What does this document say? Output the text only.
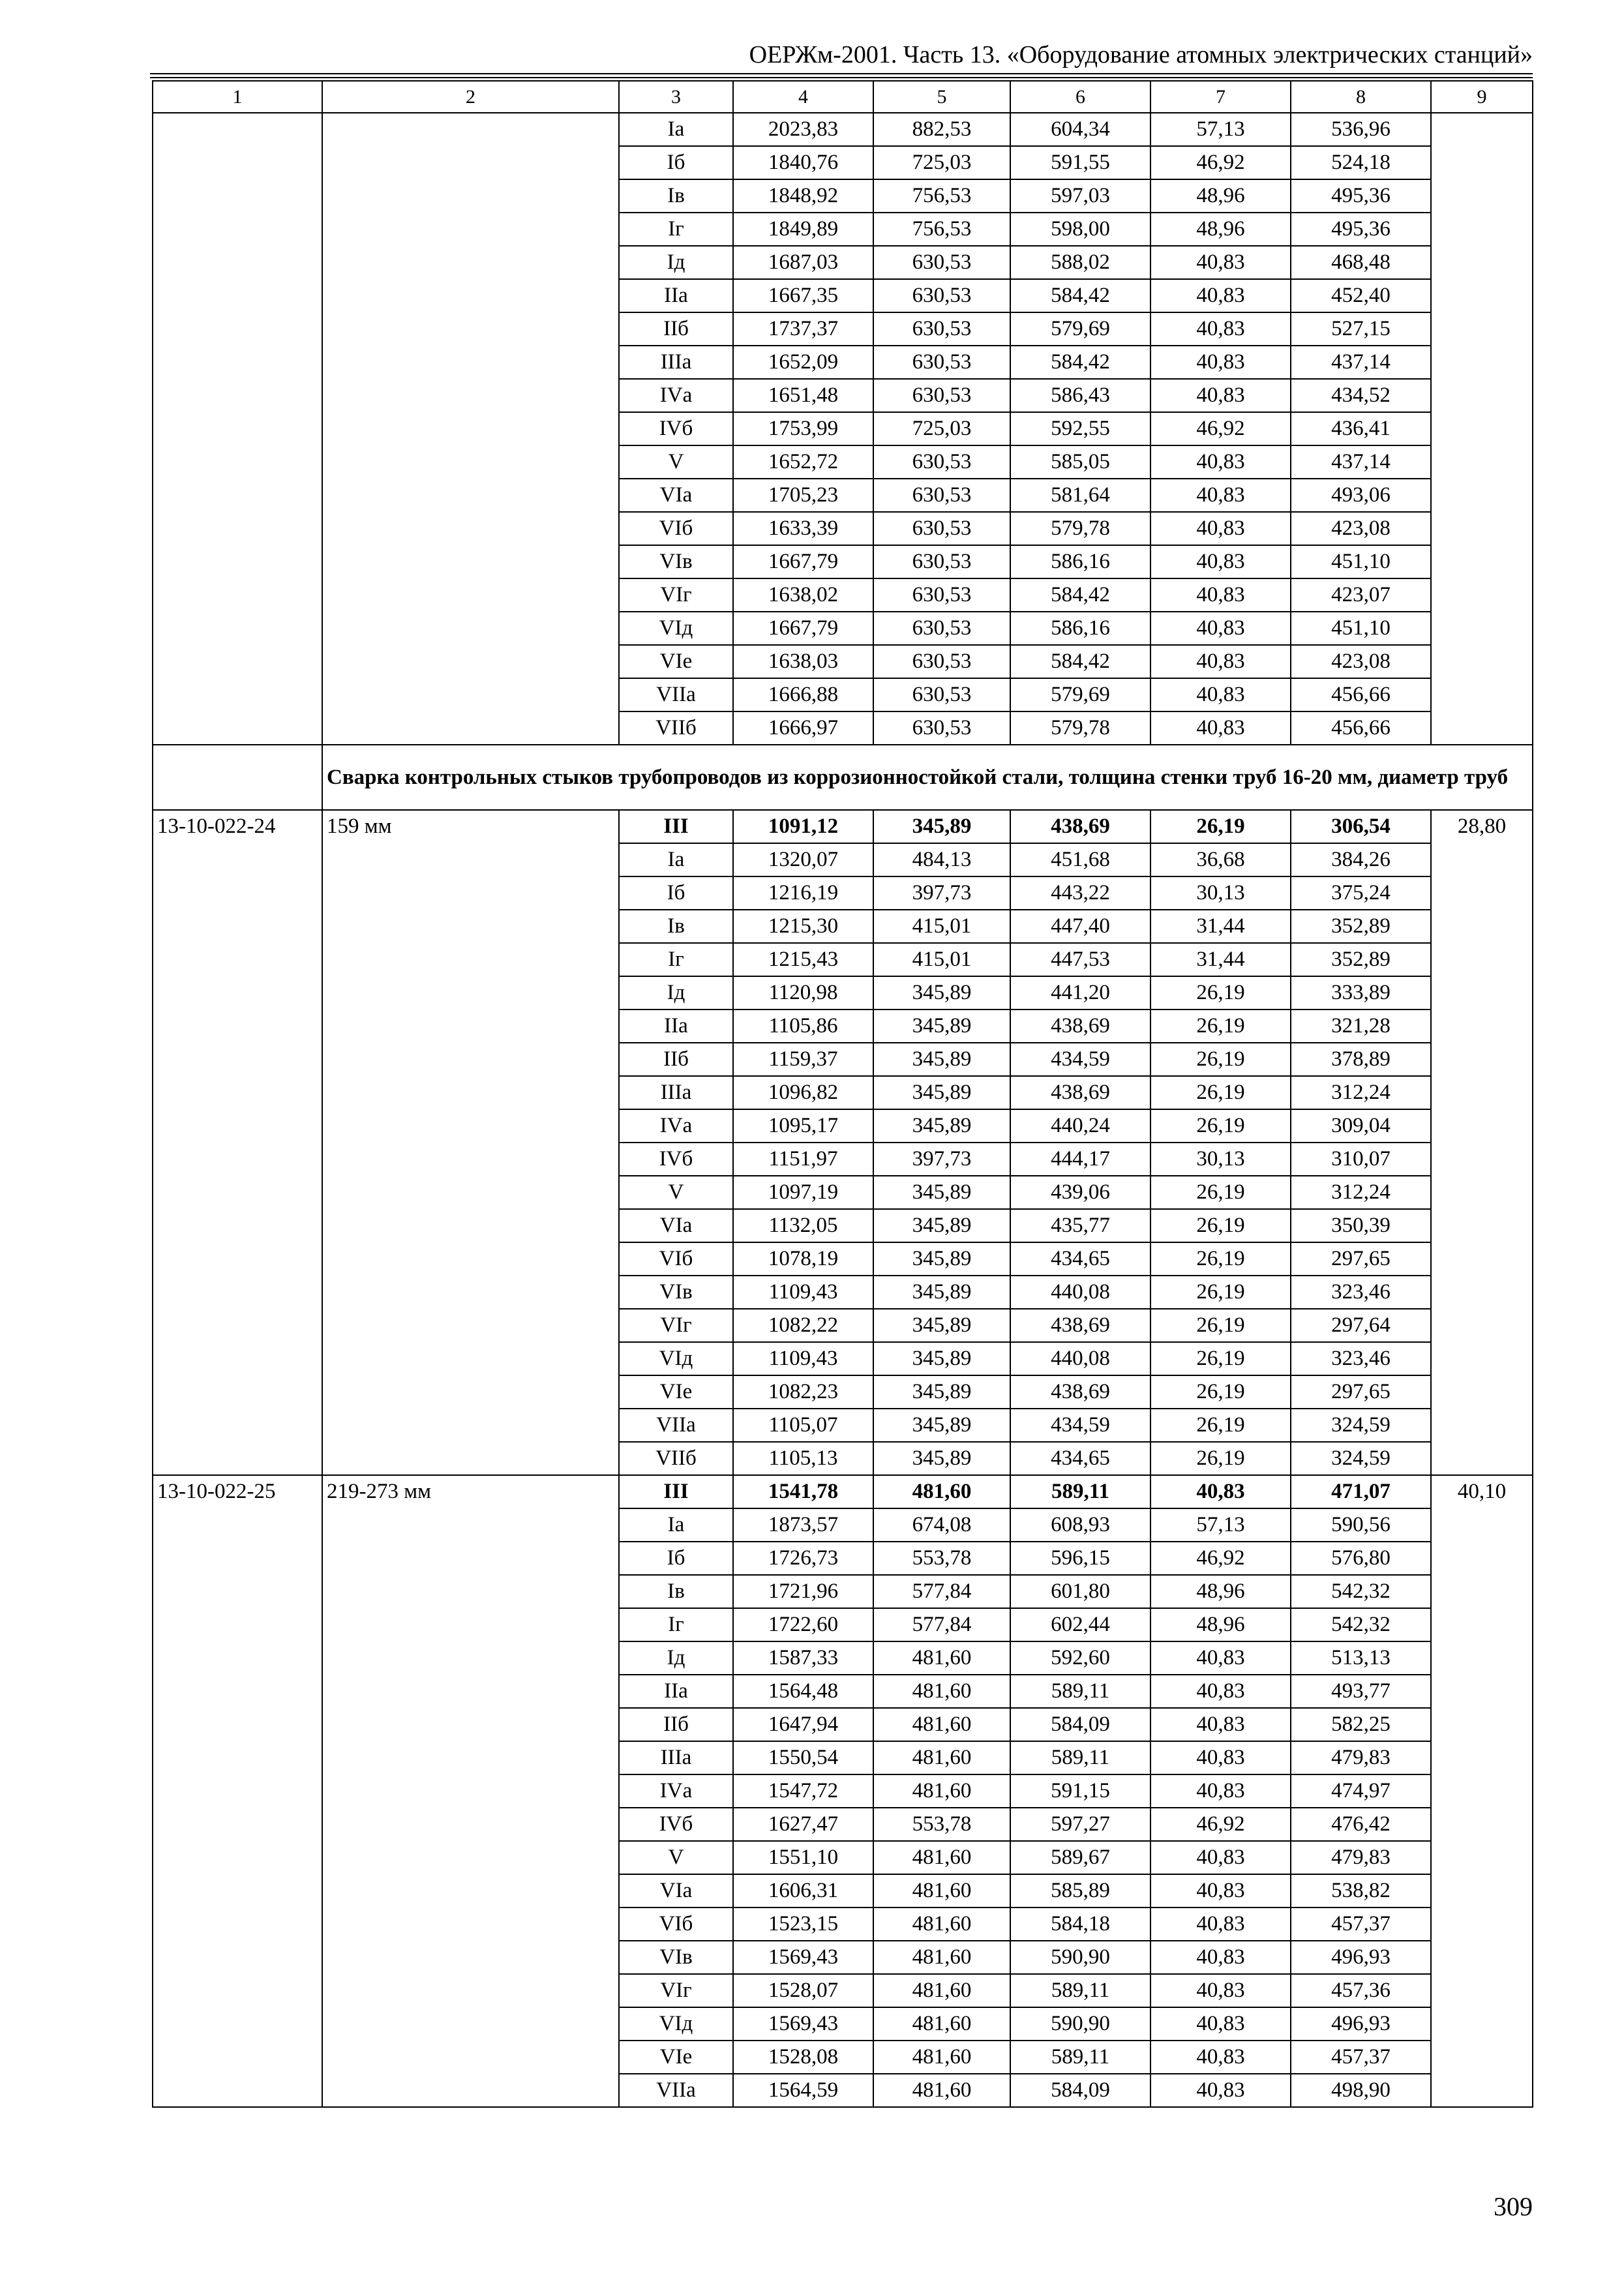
ОЕРЖм-2001. Часть 13. «Оборудование атомных электрических станций»
1	2	3	4	5	6	7	8	9
		Iа	2023,83	882,53	604,34	57,13	536,96	
		Iб	1840,76	725,03	591,55	46,92	524,18	
		Iв	1848,92	756,53	597,03	48,96	495,36	
		Iг	1849,89	756,53	598,00	48,96	495,36	
		Iд	1687,03	630,53	588,02	40,83	468,48	
		IIа	1667,35	630,53	584,42	40,83	452,40	
		IIб	1737,37	630,53	579,69	40,83	527,15	
		IIIа	1652,09	630,53	584,42	40,83	437,14	
		IVа	1651,48	630,53	586,43	40,83	434,52	
		IVб	1753,99	725,03	592,55	46,92	436,41	
		V	1652,72	630,53	585,05	40,83	437,14	
		VIа	1705,23	630,53	581,64	40,83	493,06	
		VIб	1633,39	630,53	579,78	40,83	423,08	
		VIв	1667,79	630,53	586,16	40,83	451,10	
		VIг	1638,02	630,53	584,42	40,83	423,07	
		VIд	1667,79	630,53	586,16	40,83	451,10	
		VIе	1638,03	630,53	584,42	40,83	423,08	
		VIIа	1666,88	630,53	579,69	40,83	456,66	
		VIIб	1666,97	630,53	579,78	40,83	456,66	
	Сварка контрольных стыков трубопроводов из коррозионностойкой стали, толщина стенки труб 16-20 мм, диаметр труб							
13-10-022-24	159 мм	III	1091,12	345,89	438,69	26,19	306,54	28,80
		Iа	1320,07	484,13	451,68	36,68	384,26	
		Iб	1216,19	397,73	443,22	30,13	375,24	
		Iв	1215,30	415,01	447,40	31,44	352,89	
		Iг	1215,43	415,01	447,53	31,44	352,89	
		Iд	1120,98	345,89	441,20	26,19	333,89	
		IIа	1105,86	345,89	438,69	26,19	321,28	
		IIб	1159,37	345,89	434,59	26,19	378,89	
		IIIа	1096,82	345,89	438,69	26,19	312,24	
		IVа	1095,17	345,89	440,24	26,19	309,04	
		IVб	1151,97	397,73	444,17	30,13	310,07	
		V	1097,19	345,89	439,06	26,19	312,24	
		VIа	1132,05	345,89	435,77	26,19	350,39	
		VIб	1078,19	345,89	434,65	26,19	297,65	
		VIв	1109,43	345,89	440,08	26,19	323,46	
		VIг	1082,22	345,89	438,69	26,19	297,64	
		VIд	1109,43	345,89	440,08	26,19	323,46	
		VIе	1082,23	345,89	438,69	26,19	297,65	
		VIIа	1105,07	345,89	434,59	26,19	324,59	
		VIIб	1105,13	345,89	434,65	26,19	324,59	
13-10-022-25	219-273 мм	III	1541,78	481,60	589,11	40,83	471,07	40,10
		Iа	1873,57	674,08	608,93	57,13	590,56	
		Iб	1726,73	553,78	596,15	46,92	576,80	
		Iв	1721,96	577,84	601,80	48,96	542,32	
		Iг	1722,60	577,84	602,44	48,96	542,32	
		Iд	1587,33	481,60	592,60	40,83	513,13	
		IIа	1564,48	481,60	589,11	40,83	493,77	
		IIб	1647,94	481,60	584,09	40,83	582,25	
		IIIа	1550,54	481,60	589,11	40,83	479,83	
		IVа	1547,72	481,60	591,15	40,83	474,97	
		IVб	1627,47	553,78	597,27	46,92	476,42	
		V	1551,10	481,60	589,67	40,83	479,83	
		VIа	1606,31	481,60	585,89	40,83	538,82	
		VIб	1523,15	481,60	584,18	40,83	457,37	
		VIв	1569,43	481,60	590,90	40,83	496,93	
		VIг	1528,07	481,60	589,11	40,83	457,36	
		VIд	1569,43	481,60	590,90	40,83	496,93	
		VIе	1528,08	481,60	589,11	40,83	457,37	
		VIIа	1564,59	481,60	584,09	40,83	498,90	
309
